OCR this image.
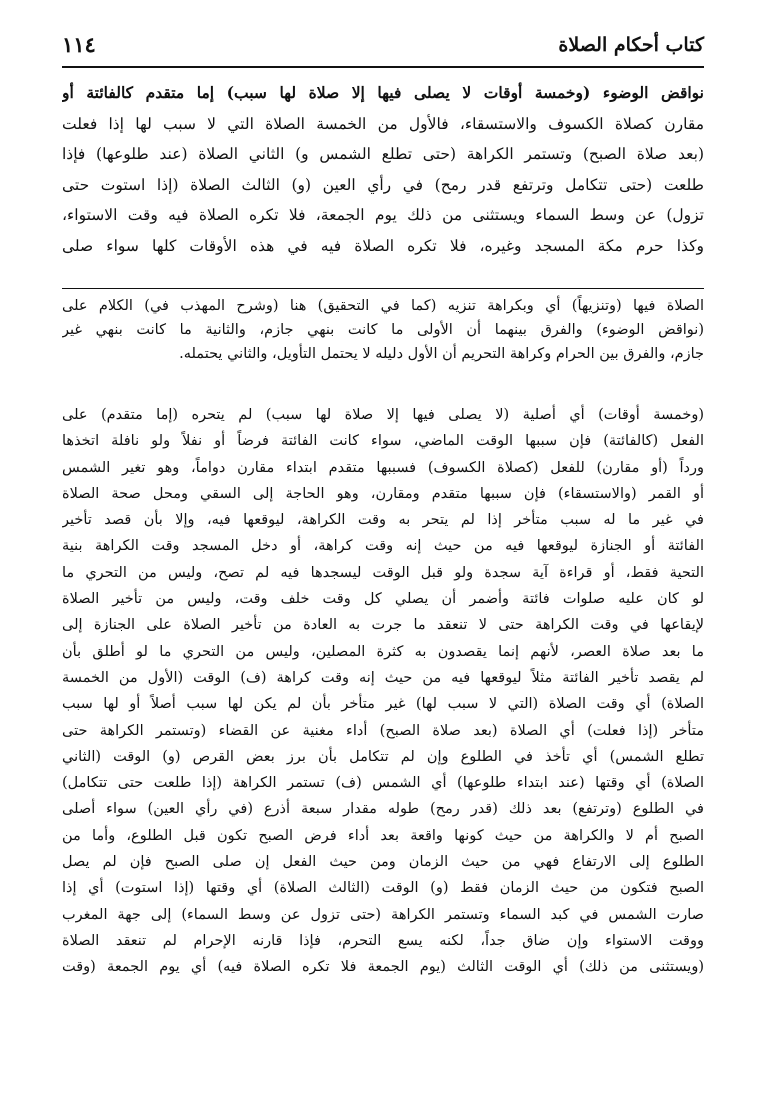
كتاب أحكام الصلاة
١١٤
نواقض الوضوء (وخمسة أوقات لا يصلى فيها إلا صلاة لها سبب) إما متقدم كالفائتة أو
مقارن كصلاة الكسوف والاستسقاء، فالأول من الخمسة الصلاة التي لا سبب لها إذا فعلت
(بعد صلاة الصبح) وتستمر الكراهة (حتى تطلع الشمس و) الثاني الصلاة (عند طلوعها) فإذا
طلعت (حتى تتكامل وترتفع قدر رمح) في رأي العين (و) الثالث الصلاة (إذا استوت حتى
تزول) عن وسط السماء ويستثنى من ذلك يوم الجمعة، فلا تكره الصلاة فيه وقت الاستواء،
وكذا حرم مكة المسجد وغيره، فلا تكره الصلاة فيه في هذه الأوقات كلها سواء صلى
الصلاة فيها (وتنزيهاً) أي وبكراهة تنزيه (كما في التحقيق) هنا (وشرح المهذب في) الكلام على
(نواقض الوضوء) والفرق بينهما أن الأولى ما كانت بنهي جازم، والثانية ما كانت بنهي غير
جازم، والفرق بين الحرام وكراهة التحريم أن الأول دليله لا يحتمل التأويل، والثاني يحتمله.
(وخمسة أوقات) أي أصلية (لا يصلى فيها إلا صلاة لها سبب) لم يتحره (إما متقدم) على
الفعل (كالفائتة) فإن سببها الوقت الماضي، سواء كانت الفائتة فرضاً أو نفلاً ولو نافلة اتخذها
ورداً (أو مقارن) للفعل (كصلاة الكسوف) فسببها متقدم ابتداء مقارن دواماً، وهو تغير الشمس
أو القمر (والاستسقاء) فإن سببها متقدم ومقارن، وهو الحاجة إلى السقي ومحل صحة الصلاة
في غير ما له سبب متأخر إذا لم يتحر به وقت الكراهة، ليوقعها فيه، وإلا بأن قصد تأخير
الفائتة أو الجنازة ليوقعها فيه من حيث إنه وقت كراهة، أو دخل المسجد وقت الكراهة بنية
التحية فقط، أو قراءة آية سجدة ولو قبل الوقت ليسجدها فيه لم تصح، وليس من التحري ما
لو كان عليه صلوات فائتة وأضمر أن يصلي كل وقت خلف وقت، وليس من تأخير الصلاة
لإيقاعها في وقت الكراهة حتى لا تنعقد ما جرت به العادة من تأخير الصلاة على الجنازة إلى
ما بعد صلاة العصر، لأنهم إنما يقصدون به كثرة المصلين، وليس من التحري ما لو أطلق بأن
لم يقصد تأخير الفائتة مثلاً ليوقعها فيه من حيث إنه وقت كراهة (ف) الوقت (الأول من الخمسة
الصلاة) أي وقت الصلاة (التي لا سبب لها) غير متأخر بأن لم يكن لها سبب أصلاً أو لها سبب
متأخر (إذا فعلت) أي الصلاة (بعد صلاة الصبح) أداء مغنية عن القضاء (وتستمر الكراهة حتى
تطلع الشمس) أي تأخذ في الطلوع وإن لم تتكامل بأن برز بعض القرص (و) الوقت (الثاني
الصلاة) أي وقتها (عند ابتداء طلوعها) أي الشمس (ف) تستمر الكراهة (إذا طلعت حتى تتكامل)
في الطلوع (وترتفع) بعد ذلك (قدر رمح) طوله مقدار سبعة أذرع (في رأي العين) سواء أصلى
الصبح أم لا والكراهة من حيث كونها واقعة بعد أداء فرض الصبح تكون قبل الطلوع، وأما من
الطلوع إلى الارتفاع فهي من حيث الزمان ومن حيث الفعل إن صلى الصبح فإن لم يصل
الصبح فتكون من حيث الزمان فقط (و) الوقت (الثالث الصلاة) أي وقتها (إذا استوت) أي إذا
صارت الشمس في كبد السماء وتستمر الكراهة (حتى تزول عن وسط السماء) إلى جهة المغرب
ووقت الاستواء وإن ضاق جداً، لكنه يسع التحرم، فإذا قارنه الإحرام لم تنعقد الصلاة
(ويستثنى من ذلك) أي الوقت الثالث (يوم الجمعة فلا تكره الصلاة فيه) أي يوم الجمعة (وقت
